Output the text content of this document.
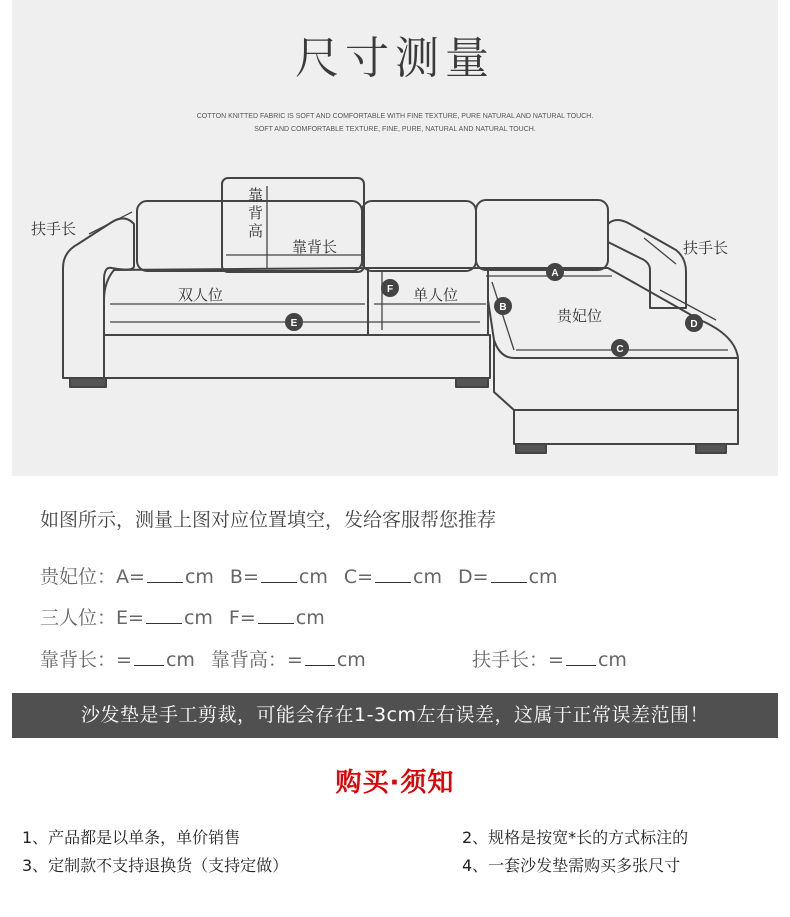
尺寸测量
COTTON KNITTED FABRIC IS SOFT AND COMFORTABLE WITH FINE TEXTURE, PURE NATURAL AND NATURAL TOUCH.
SOFT AND COMFORTABLE TEXTURE, FINE, PURE, NATURAL AND NATURAL TOUCH.
E
F
A
B
C
D
扶手长
扶手长
靠背高
靠背长
双人位	单人位
贵妃位
如图所示，测量上图对应位置填空，发给客服帮您推荐
贵妃位：A= cm B= cm C= cm D= cm
三人位：E= cm F= cm
靠背长：= cm 靠背高：= cm	扶手长：= cm
沙发垫是手工剪裁，可能会存在1-3cm左右误差，这属于正常误差范围！
购买·须知
1、产品都是以单条，单价销售	2、规格是按宽*长的方式标注的
3、定制款不支持退换货（支持定做）	4、一套沙发垫需购买多张尺寸
